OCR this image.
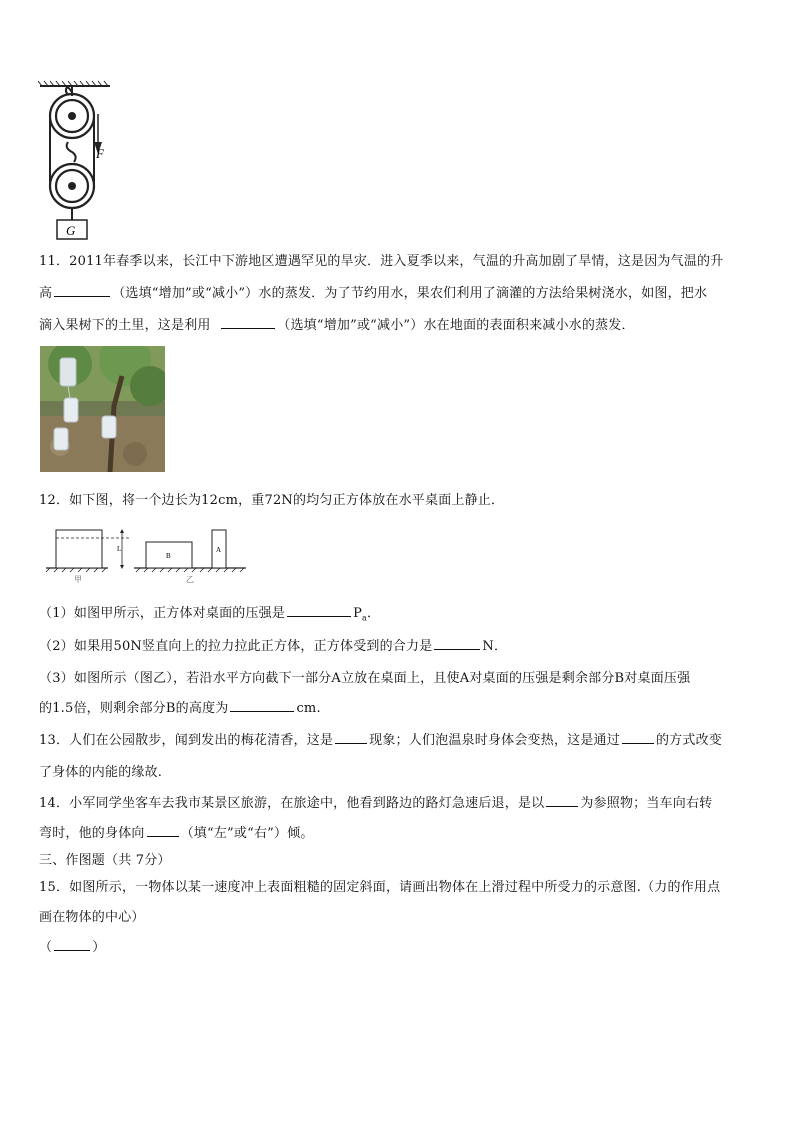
F
G
11．2011年春季以来，长江中下游地区遭遇罕见的旱灾．进入夏季以来，气温的升高加剧了旱情，这是因为气温的升
高	（选填“增加”或“减小”）水的蒸发．为了节约用水，果农们利用了滴灌的方法给果树浇水，如图，把水
滴入果树下的土里，这是利用	（选填“增加”或“减小”）水在地面的表面积来减小水的蒸发．
12．如下图，将一个边长为12cm，重72N的均匀正方体放在水平桌面上静止．
L
B
A
甲	乙
（1）如图甲所示，正方体对桌面的压强是	$P_a$．
（2）如果用50N竖直向上的拉力拉此正方体，正方体受到的合力是	N．
（3）如图所示（图乙），若沿水平方向截下一部分A立放在桌面上，且使A对桌面的压强是剩余部分B对桌面压强
的1.5倍，则剩余部分B的高度为	cm.
13．人们在公园散步，闻到发出的梅花清香，这是	现象；人们泡温泉时身体会变热，这是通过	的方式改变
了身体的内能的缘故.
14．小军同学坐客车去我市某景区旅游，在旅途中，他看到路边的路灯急速后退，是以	为参照物；当车向右转
弯时，他的身体向	（填“左”或“右”）倾。
三、作图题（共 7分）
15．如图所示，一物体以某一速度冲上表面粗糙的固定斜面，请画出物体在上滑过程中所受力的示意图.（力的作用点
画在物体的中心）
（	）
